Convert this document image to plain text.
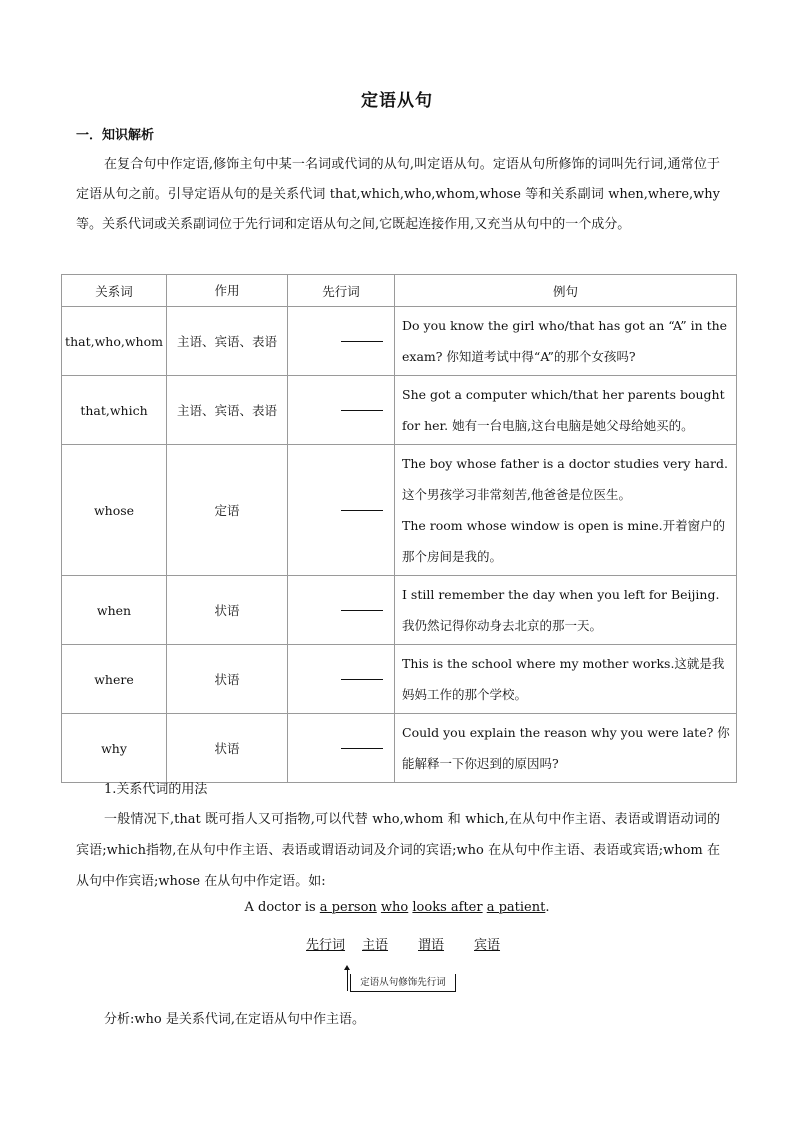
定语从句
一．知识解析

在复合句中作定语,修饰主句中某一名词或代词的从句,叫定语从句。定语从句所修饰的词叫先行词,通常位于定语从句之前。引导定语从句的是关系代词 that,which,who,whom,whose 等和关系副词 when,where,why 等。关系代词或关系副词位于先行词和定语从句之间,它既起连接作用,又充当从句中的一个成分。

关系词	作用	先行词	例句
that,who,whom	主语、宾语、表语		Do you know the girl who/that has got an “A” in the exam? 你知道考试中得“A”的那个女孩吗?

that,which	主语、宾语、表语		She got a computer which/that her parents bought for her. 她有一台电脑,这台电脑是她父母给她买的。

whose	定语		The boy whose father is a doctor studies very hard.这个男孩学习非常刻苦,他爸爸是位医生。
The room whose window is open is mine.开着窗户的那个房间是我的。

when	状语		I still remember the day when you left for Beijing. 我仍然记得你动身去北京的那一天。

where	状语		This is the school where my mother works.这就是我妈妈工作的那个学校。

why	状语		Could you explain the reason why you were late? 你能解释一下你迟到的原因吗?
1.关系代词的用法

一般情况下,that 既可指人又可指物,可以代替 who,whom 和 which,在从句中作主语、表语或谓语动词的宾语;which指物,在从句中作主语、表语或谓语动词及介词的宾语;who 在从句中作主语、表语或宾语;whom 在从句中作宾语;whose 在从句中作定语。如:

A doctor is a person who looks after a patient.
先行词 主语 谓语 宾语
定语从句修饰先行词
分析:who 是关系代词,在定语从句中作主语。
